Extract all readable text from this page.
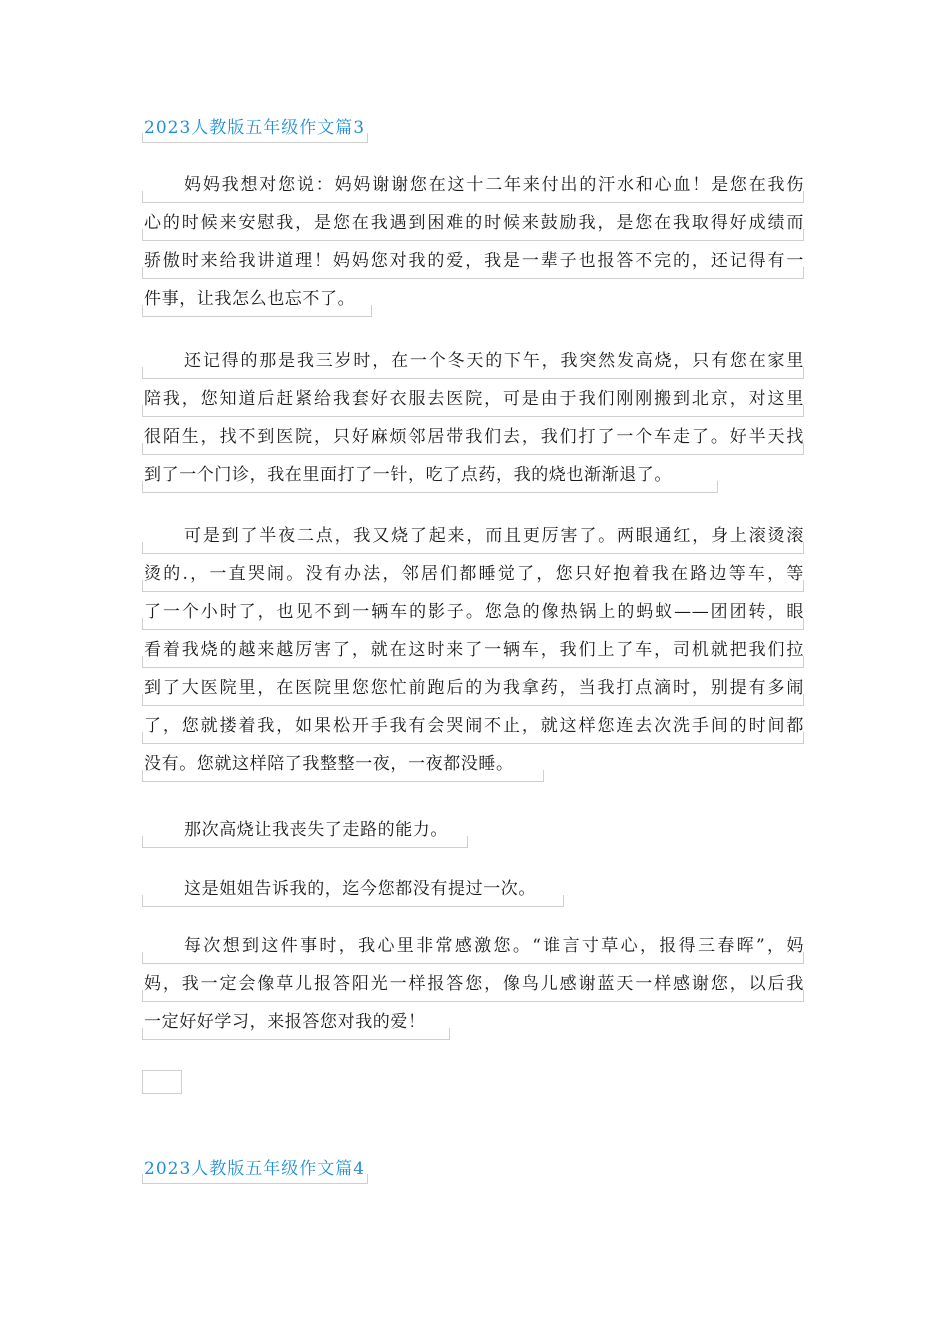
2023人教版五年级作文篇3
妈妈我想对您说：妈妈谢谢您在这十二年来付出的汗水和心血！是您在我伤
心的时候来安慰我，是您在我遇到困难的时候来鼓励我，是您在我取得好成绩而
骄傲时来给我讲道理！妈妈您对我的爱，我是一辈子也报答不完的，还记得有一
件事，让我怎么也忘不了。
还记得的那是我三岁时，在一个冬天的下午，我突然发高烧，只有您在家里
陪我，您知道后赶紧给我套好衣服去医院，可是由于我们刚刚搬到北京，对这里
很陌生，找不到医院，只好麻烦邻居带我们去，我们打了一个车走了。好半天找
到了一个门诊，我在里面打了一针，吃了点药，我的烧也渐渐退了。
可是到了半夜二点，我又烧了起来，而且更厉害了。两眼通红，身上滚烫滚
烫的.，一直哭闹。没有办法，邻居们都睡觉了，您只好抱着我在路边等车，等
了一个小时了，也见不到一辆车的影子。您急的像热锅上的蚂蚁——团团转，眼
看着我烧的越来越厉害了，就在这时来了一辆车，我们上了车，司机就把我们拉
到了大医院里，在医院里您您忙前跑后的为我拿药，当我打点滴时，别提有多闹
了，您就搂着我，如果松开手我有会哭闹不止，就这样您连去次洗手间的时间都
没有。您就这样陪了我整整一夜，一夜都没睡。
那次高烧让我丧失了走路的能力。
这是姐姐告诉我的，迄今您都没有提过一次。
每次想到这件事时，我心里非常感激您。“谁言寸草心，报得三春晖”，妈
妈，我一定会像草儿报答阳光一样报答您，像鸟儿感谢蓝天一样感谢您，以后我
一定好好学习，来报答您对我的爱！
2023人教版五年级作文篇4
